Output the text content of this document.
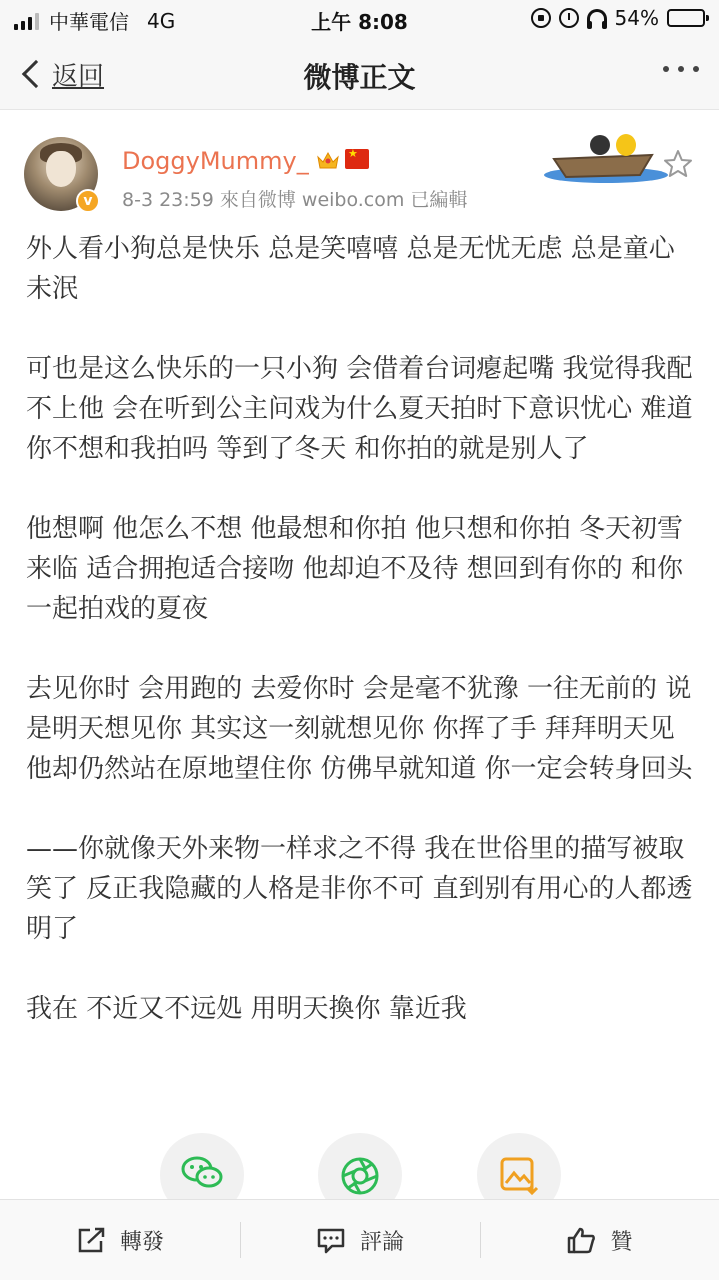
中華電信 4G	上午 8:08	54%
返回	微博正文
v
DoggyMummy_
★
8-3 23:59 來自微博 weibo.com 已編輯

外人看小狗总是快乐 总是笑嘻嘻 总是无忧无虑 总是童心未泯

可也是这么快乐的一只小狗 会借着台词瘪起嘴 我觉得我配不上他 会在听到公主问戏为什么夏天拍时下意识忧心 难道你不想和我拍吗 等到了冬天 和你拍的就是别人了

他想啊 他怎么不想 他最想和你拍 他只想和你拍 冬天初雪来临 适合拥抱适合接吻 他却迫不及待 想回到有你的 和你一起拍戏的夏夜

去见你时 会用跑的 去爱你时 会是毫不犹豫 一往无前的 说是明天想见你 其实这一刻就想见你 你挥了手 拜拜明天见 他却仍然站在原地望住你 仿佛早就知道 你一定会转身回头

——你就像天外来物一样求之不得 我在世俗里的描写被取笑了 反正我隐藏的人格是非你不可 直到别有用心的人都透明了

我在 不近又不远処 用明天換你 靠近我

轉發	評論	贊
